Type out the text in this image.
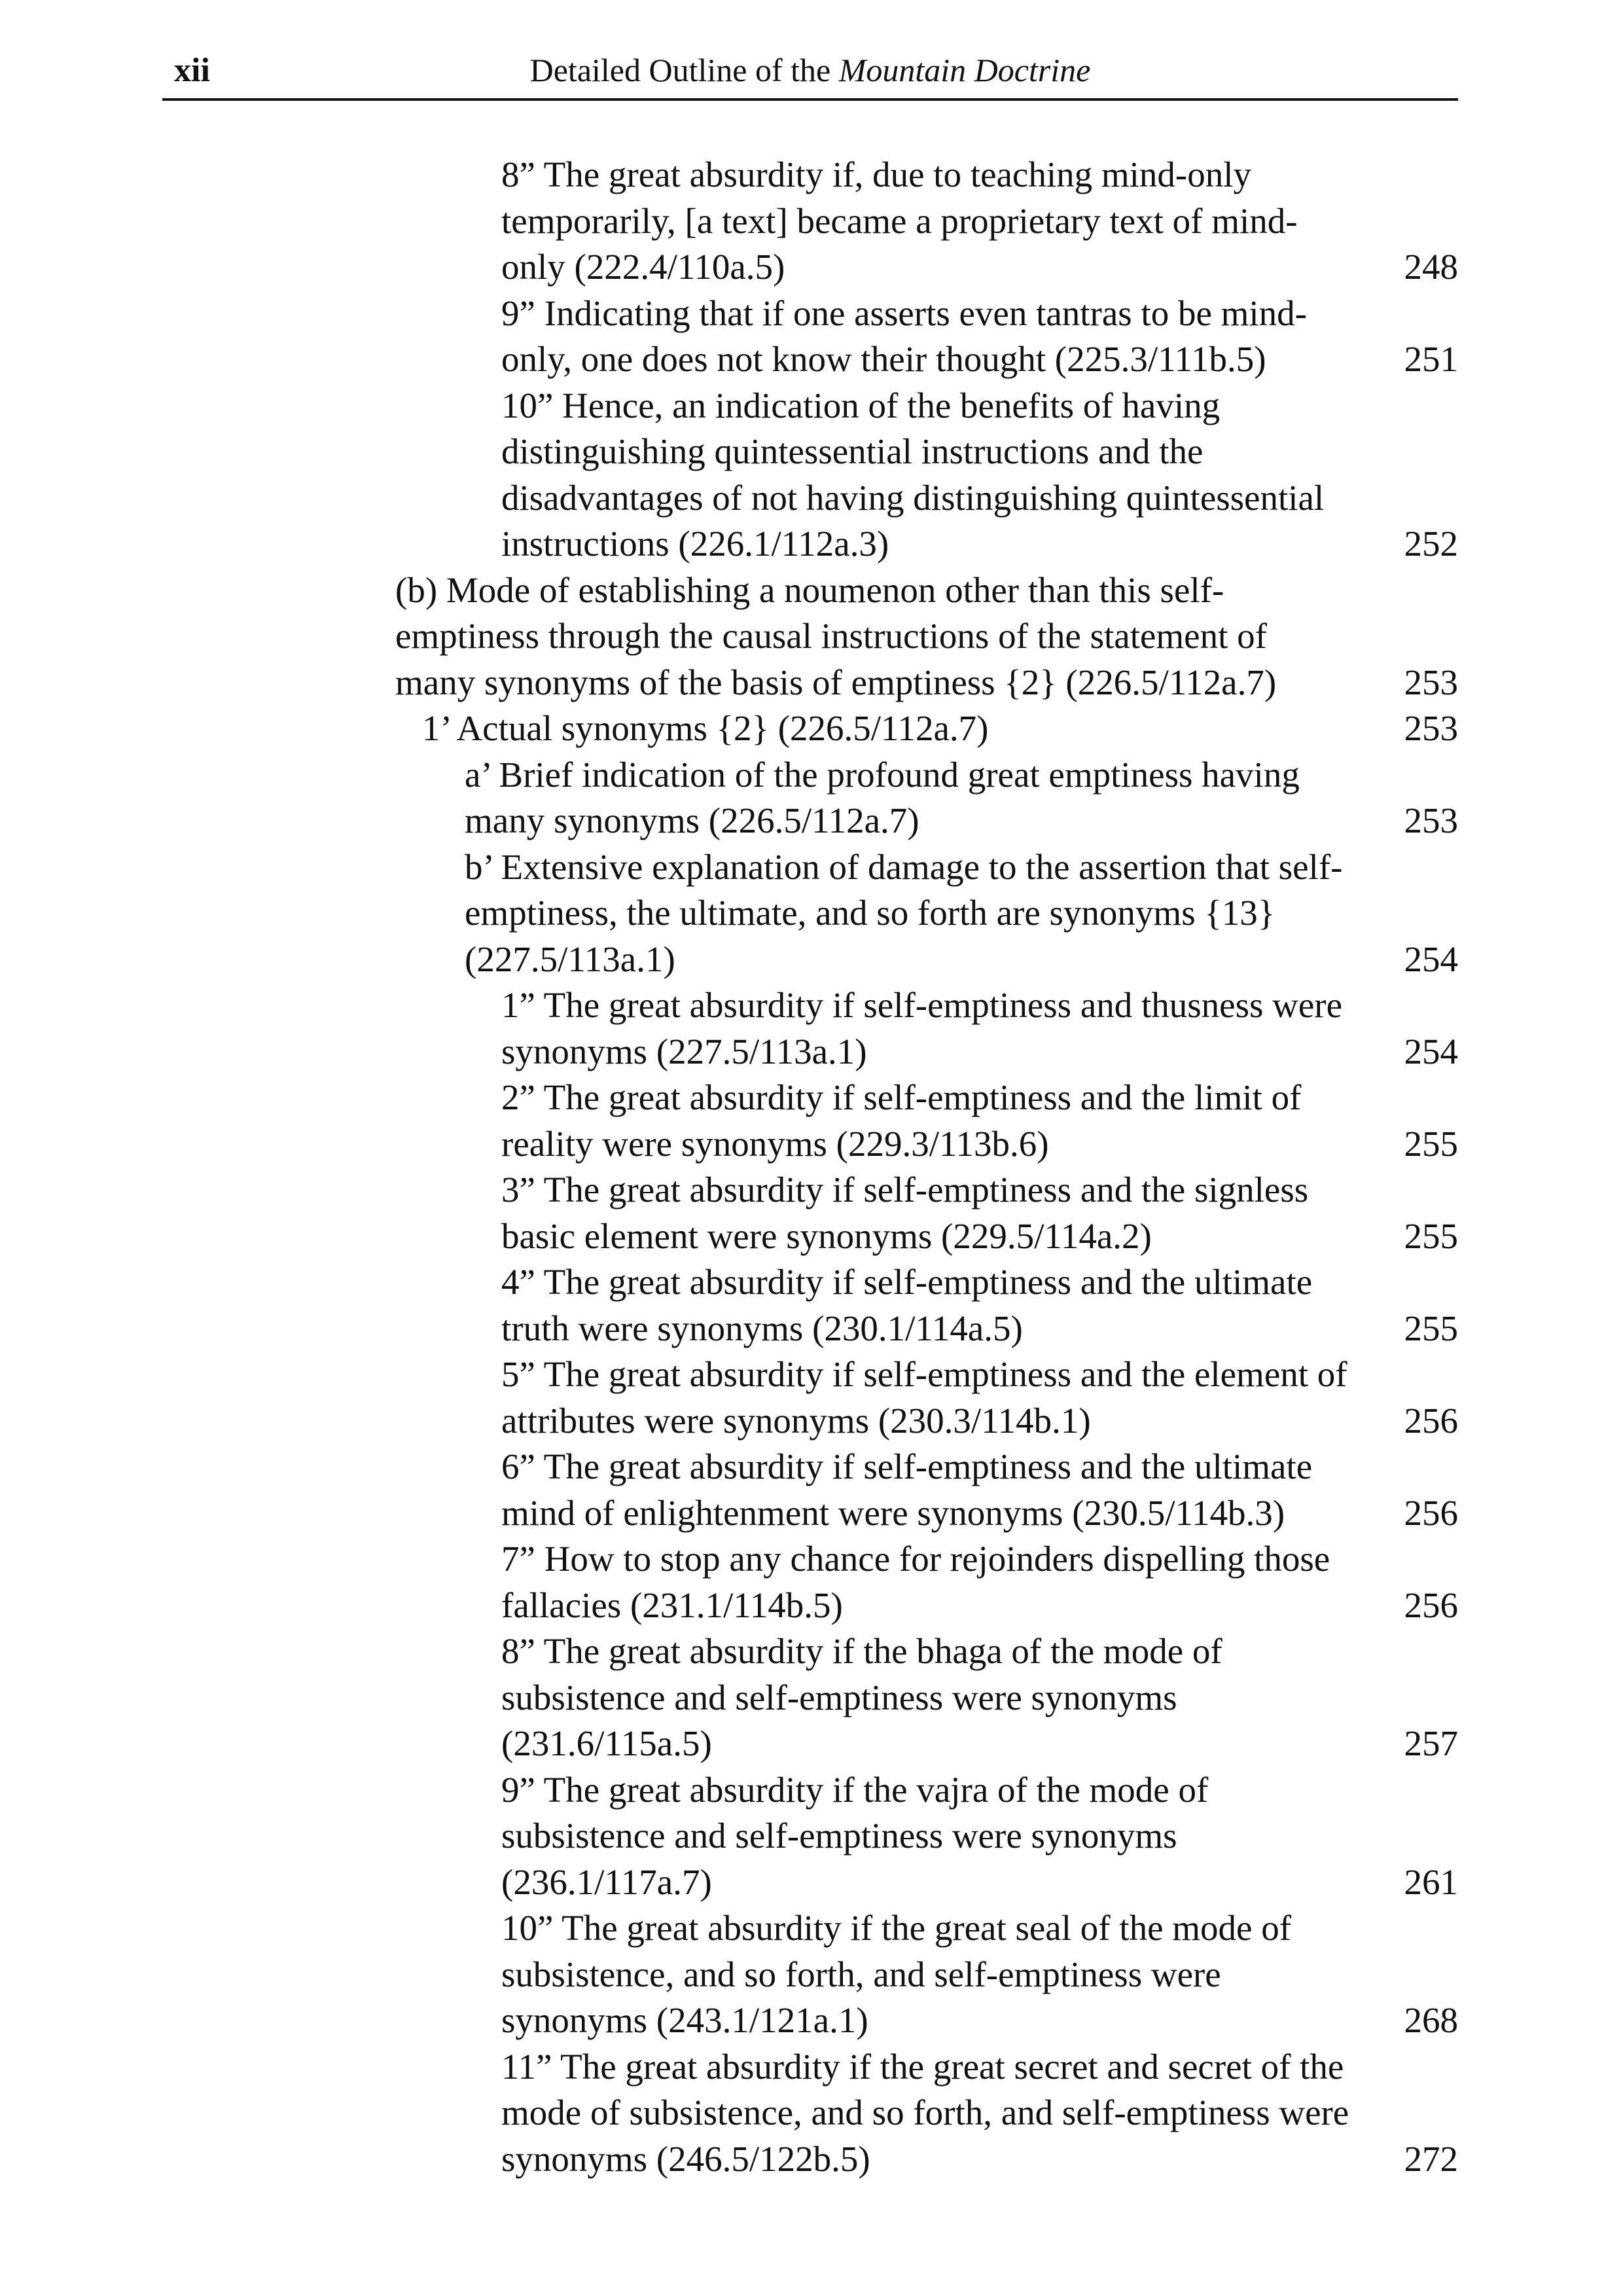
xii	Detailed Outline of the Mountain Doctrine
8” The great absurdity if, due to teaching mind-only
temporarily, [a text] became a proprietary text of mind-
only (222.4/110a.5)	248
9” Indicating that if one asserts even tantras to be mind-
only, one does not know their thought (225.3/111b.5)	251
10” Hence, an indication of the benefits of having
distinguishing quintessential instructions and the
disadvantages of not having distinguishing quintessential
instructions (226.1/112a.3)	252
(b) Mode of establishing a noumenon other than this self-
emptiness through the causal instructions of the statement of
many synonyms of the basis of emptiness {2} (226.5/112a.7)	253
1’ Actual synonyms {2} (226.5/112a.7)	253
a’ Brief indication of the profound great emptiness having
many synonyms (226.5/112a.7)	253
b’ Extensive explanation of damage to the assertion that self-
emptiness, the ultimate, and so forth are synonyms {13}
(227.5/113a.1)	254
1” The great absurdity if self-emptiness and thusness were
synonyms (227.5/113a.1)	254
2” The great absurdity if self-emptiness and the limit of
reality were synonyms (229.3/113b.6)	255
3” The great absurdity if self-emptiness and the signless
basic element were synonyms (229.5/114a.2)	255
4” The great absurdity if self-emptiness and the ultimate
truth were synonyms (230.1/114a.5)	255
5” The great absurdity if self-emptiness and the element of
attributes were synonyms (230.3/114b.1)	256
6” The great absurdity if self-emptiness and the ultimate
mind of enlightenment were synonyms (230.5/114b.3)	256
7” How to stop any chance for rejoinders dispelling those
fallacies (231.1/114b.5)	256
8” The great absurdity if the bhaga of the mode of
subsistence and self-emptiness were synonyms
(231.6/115a.5)	257
9” The great absurdity if the vajra of the mode of
subsistence and self-emptiness were synonyms
(236.1/117a.7)	261
10” The great absurdity if the great seal of the mode of
subsistence, and so forth, and self-emptiness were
synonyms (243.1/121a.1)	268
11” The great absurdity if the great secret and secret of the
mode of subsistence, and so forth, and self-emptiness were
synonyms (246.5/122b.5)	272
